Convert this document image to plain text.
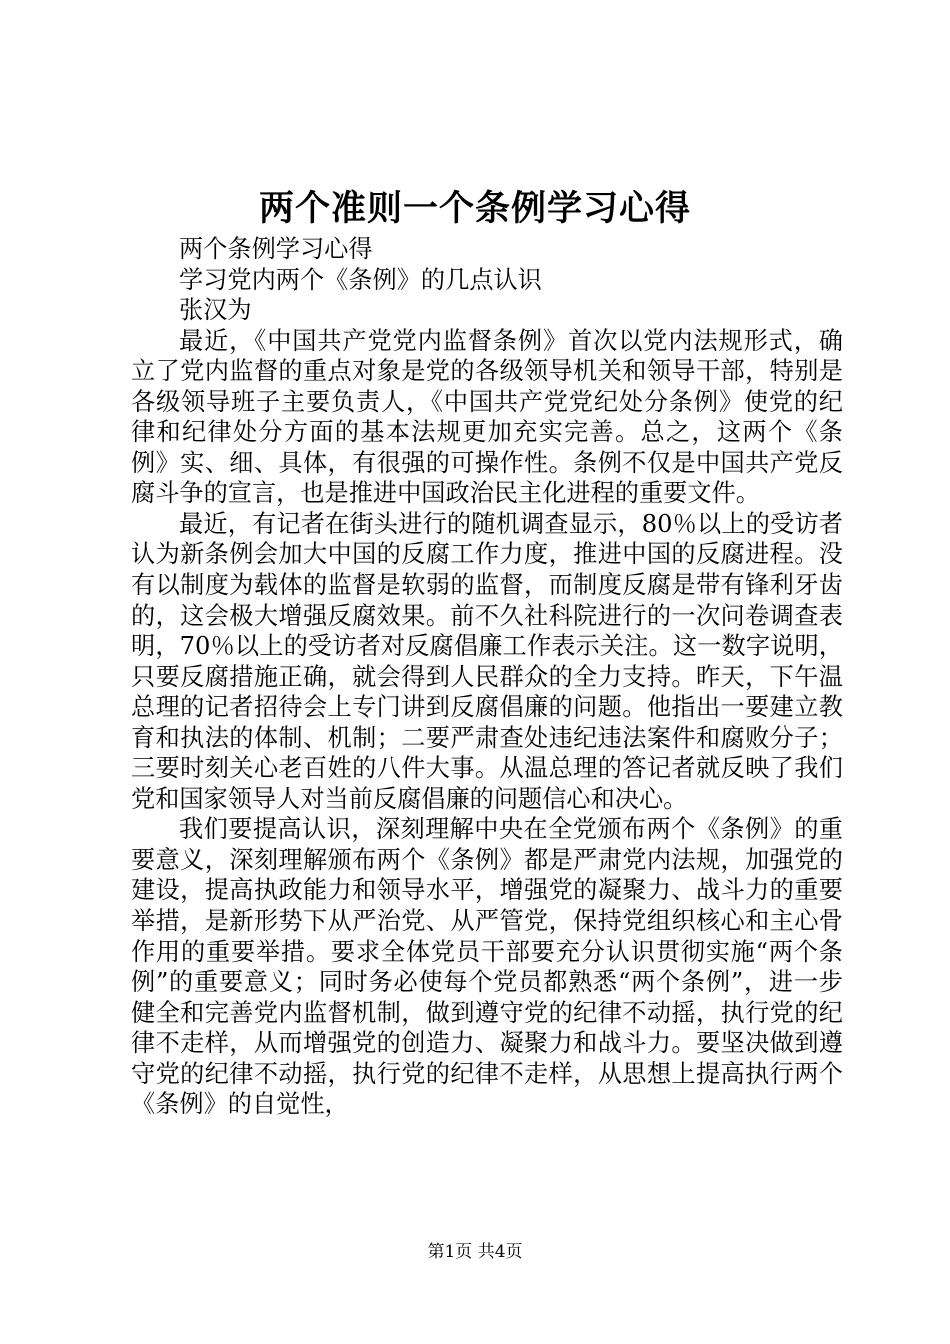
两个准则一个条例学习心得

两个条例学习心得

学习党内两个《条例》的几点认识

张汉为

最近，《中国共产党党内监督条例》首次以党内法规形式，确立了党内监督的重点对象是党的各级领导机关和领导干部，特别是各级领导班子主要负责人，《中国共产党党纪处分条例》使党的纪律和纪律处分方面的基本法规更加充实完善。总之，这两个《条例》实、细、具体，有很强的可操作性。条例不仅是中国共产党反腐斗争的宣言，也是推进中国政治民主化进程的重要文件。

最近，有记者在街头进行的随机调查显示，80％以上的受访者认为新条例会加大中国的反腐工作力度，推进中国的反腐进程。没有以制度为载体的监督是软弱的监督，而制度反腐是带有锋利牙齿的，这会极大增强反腐效果。前不久社科院进行的一次问卷调查表明，70％以上的受访者对反腐倡廉工作表示关注。这一数字说明，只要反腐措施正确，就会得到人民群众的全力支持。昨天，下午温总理的记者招待会上专门讲到反腐倡廉的问题。他指出一要建立教育和执法的体制、机制；二要严肃查处违纪违法案件和腐败分子；三要时刻关心老百姓的八件大事。从温总理的答记者就反映了我们党和国家领导人对当前反腐倡廉的问题信心和决心。

我们要提高认识，深刻理解中央在全党颁布两个《条例》的重要意义，深刻理解颁布两个《条例》都是严肃党内法规，加强党的建设，提高执政能力和领导水平，增强党的凝聚力、战斗力的重要举措，是新形势下从严治党、从严管党，保持党组织核心和主心骨作用的重要举措。要求全体党员干部要充分认识贯彻实施“两个条例”的重要意义；同时务必使每个党员都熟悉“两个条例”，进一步健全和完善党内监督机制，做到遵守党的纪律不动摇，执行党的纪律不走样，从而增强党的创造力、凝聚力和战斗力。要坚决做到遵守党的纪律不动摇，执行党的纪律不走样，从思想上提高执行两个《条例》的自觉性，

第1页 共4页
